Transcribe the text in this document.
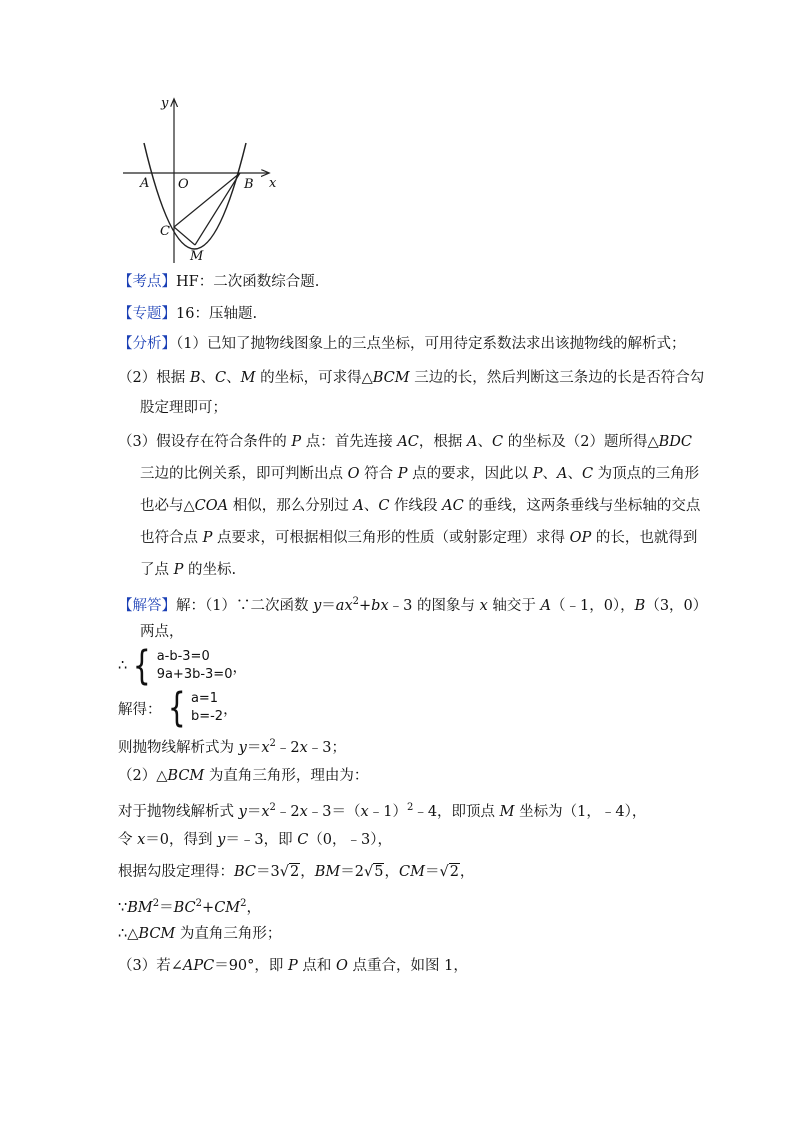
y
x
O
A	B
C
M
【考点】HF：二次函数综合题.
【专题】16：压轴题.
【分析】（1）已知了抛物线图象上的三点坐标，可用待定系数法求出该抛物线的解析式；
（2）根据 B、C、M 的坐标，可求得△BCM 三边的长，然后判断这三条边的长是否符合勾
股定理即可；
（3）假设存在符合条件的 P 点：首先连接 AC，根据 A、C 的坐标及（2）题所得△BDC
三边的比例关系，即可判断出点 O 符合 P 点的要求，因此以 P、A、C 为顶点的三角形
也必与△COA 相似，那么分别过 A、C 作线段 AC 的垂线，这两条垂线与坐标轴的交点
也符合点 P 点要求，可根据相似三角形的性质（或射影定理）求得 OP 的长，也就得到
了点 P 的坐标.
【解答】解：（1）∵二次函数 $y=ax^2+bx﹣3$ 的图象与 x 轴交于 A（﹣1，0），B（3，0）
两点，
∴ { a-b-3=0
9a+3b-3=0 ，
解得： { a=1
b=-2 ，
则抛物线解析式为 $y=x^2﹣2x﹣3$；
（2）△BCM 为直角三角形，理由为：
对于抛物线解析式 $y=x^2﹣2x﹣3=(x﹣1)^2﹣4$，即顶点 M 坐标为（1，﹣4），
令 x＝0，得到 y＝﹣3，即 C（0，﹣3），
根据勾股定理得：BC＝3√2，BM＝2√5，CM＝√2，
$\because BM^2=BC^2+CM^2$，
∴△BCM 为直角三角形；
（3）若∠APC＝90°，即 P 点和 O 点重合，如图 1，
